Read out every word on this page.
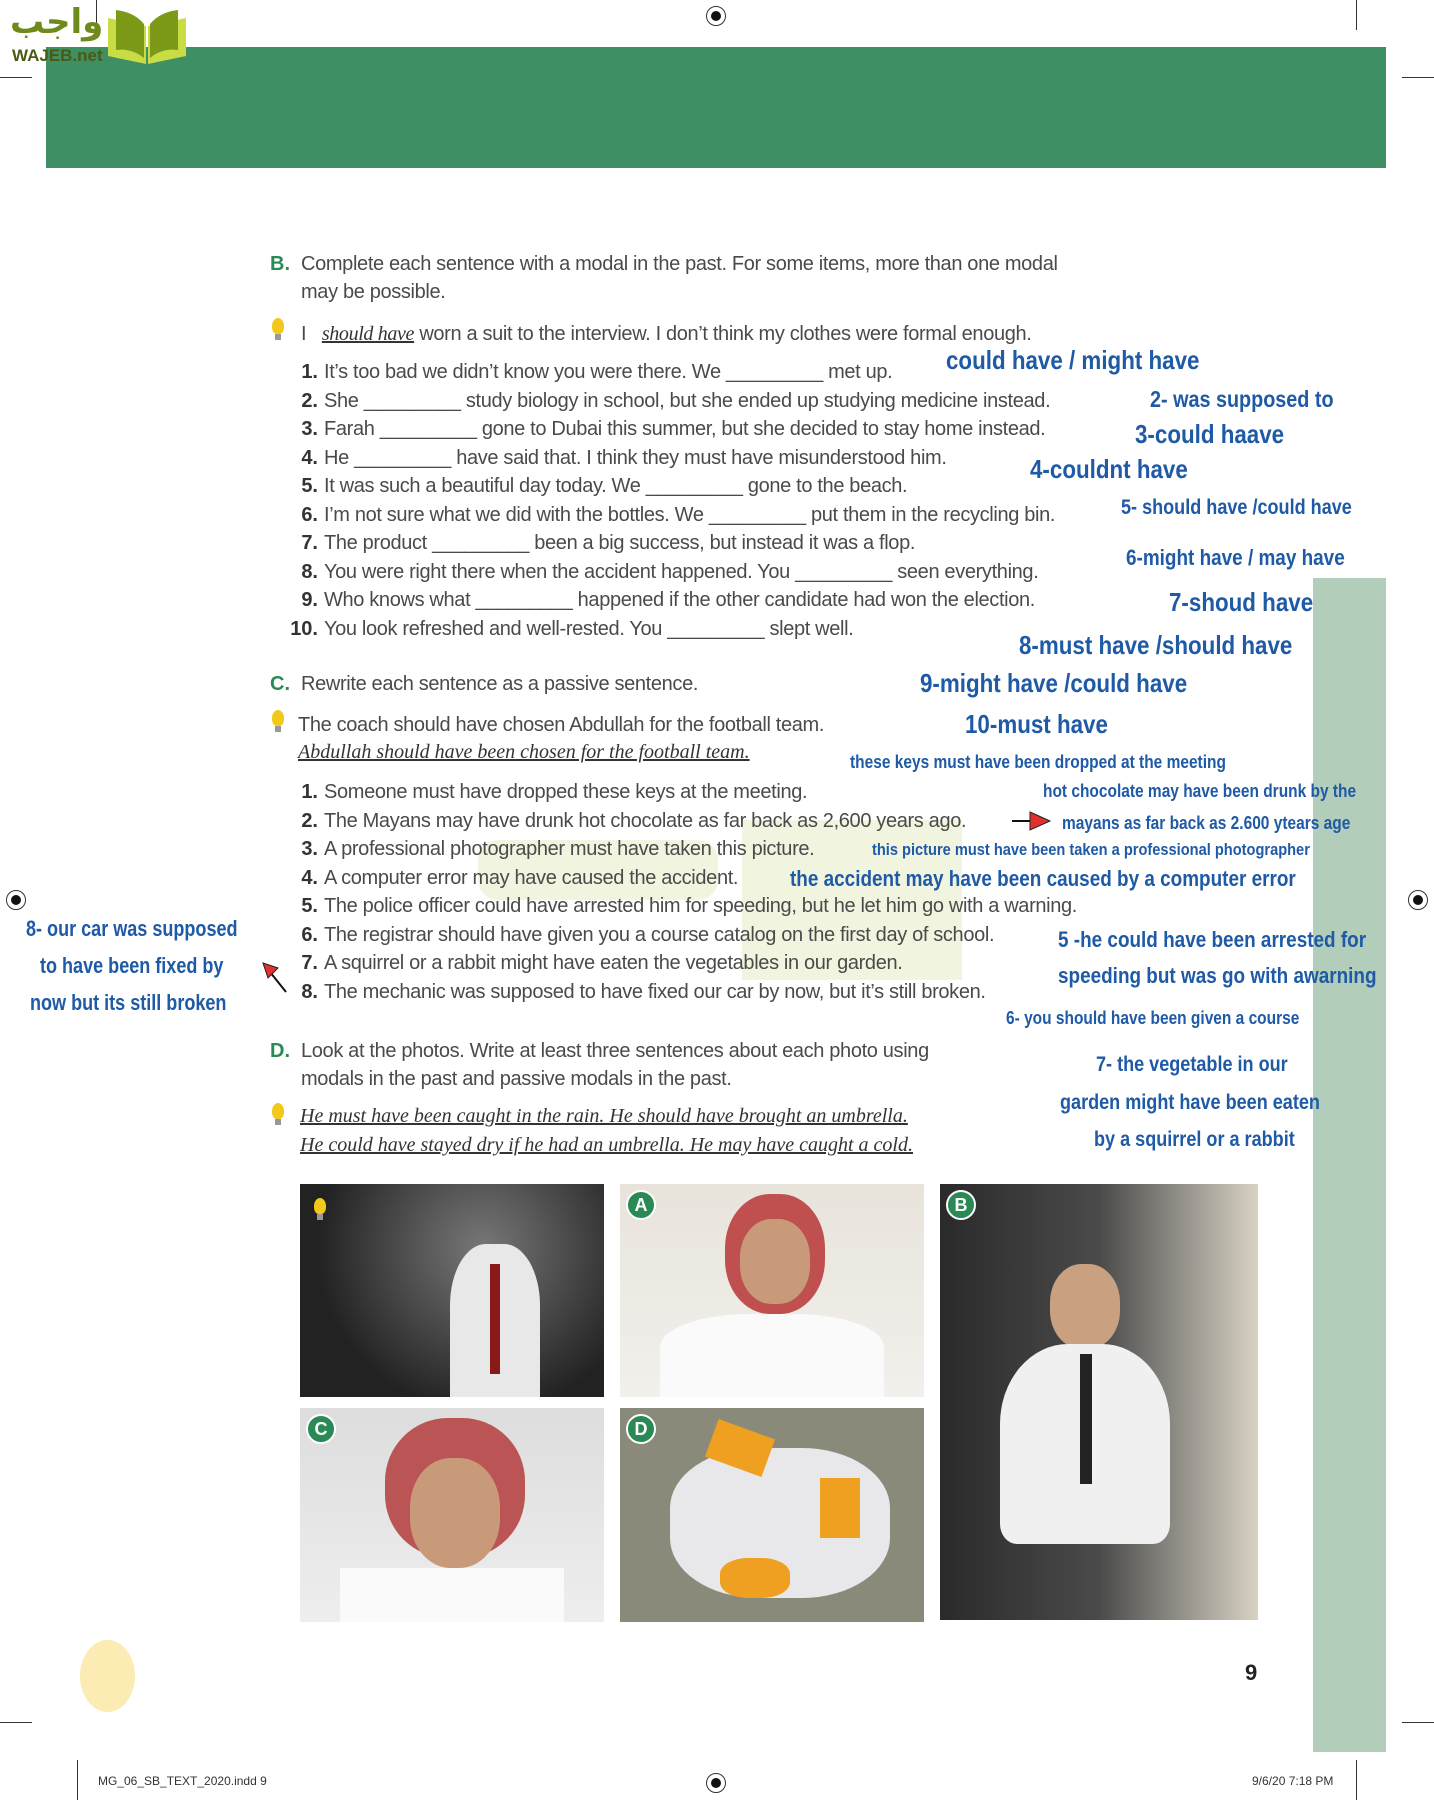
واجب
WAJEB.net
B. Complete each sentence with a modal in the past. For some items, more than one modal
may be possible.
I should have worn a suit to the interview. I don’t think my clothes were formal enough.
1. It’s too bad we didn’t know you were there. We _________ met up.
2. She _________ study biology in school, but she ended up studying medicine instead.
3. Farah _________ gone to Dubai this summer, but she decided to stay home instead.
4. He _________ have said that. I think they must have misunderstood him.
5. It was such a beautiful day today. We _________ gone to the beach.
6. I’m not sure what we did with the bottles. We _________ put them in the recycling bin.
7. The product _________ been a big success, but instead it was a flop.
8. You were right there when the accident happened. You _________ seen everything.
9. Who knows what _________ happened if the other candidate had won the election.
10. You look refreshed and well-rested. You _________ slept well.
C. Rewrite each sentence as a passive sentence.
The coach should have chosen Abdullah for the football team.
Abdullah should have been chosen for the football team.
1. Someone must have dropped these keys at the meeting.
2. The Mayans may have drunk hot chocolate as far back as 2,600 years ago.
3. A professional photographer must have taken this picture.
4. A computer error may have caused the accident.
5. The police officer could have arrested him for speeding, but he let him go with a warning.
6. The registrar should have given you a course catalog on the first day of school.
7. A squirrel or a rabbit might have eaten the vegetables in our garden.
8. The mechanic was supposed to have fixed our car by now, but it’s still broken.
D. Look at the photos. Write at least three sentences about each photo using
modals in the past and passive modals in the past.
He must have been caught in the rain. He should have brought an umbrella.
He could have stayed dry if he had an umbrella. He may have caught a cold.
A	B
C	D
could have / might have
2- was supposed to
3-could haave
4-couldnt have
5- should have /could have
6-might have / may have
7-shoud have
8-must have /should have
9-might have /could have
10-must have
these keys must have been dropped at the meeting
hot chocolate may have been drunk by the
mayans as far back as 2.600 ytears age
this picture must have been taken a professional photographer
the accident may have been caused by a computer error
5 -he could have been arrested for
speeding but was go with awarning
6- you should have been given a course
7- the vegetable in our
garden might have been eaten
by a squirrel or a rabbit
8- our car was supposed
to have been fixed by
now but its still broken
9
MG_06_SB_TEXT_2020.indd 9	9/6/20 7:18 PM
